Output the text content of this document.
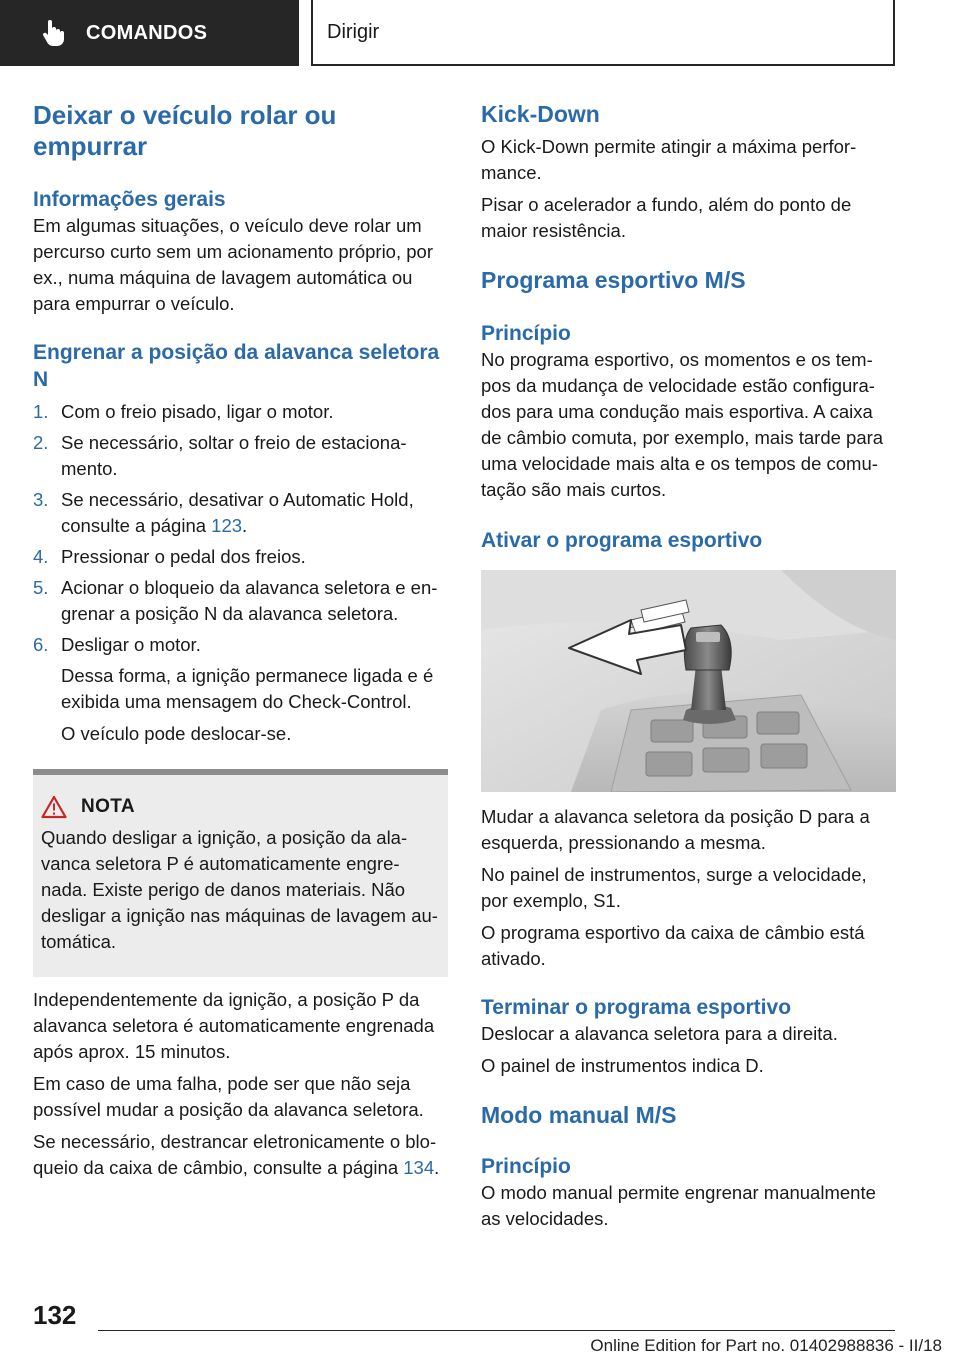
COMANDOS	Dirigir
Deixar o veículo rolar ou empurrar
Informações gerais

Em algumas situações, o veículo deve rolar um percurso curto sem um acionamento próprio, por ex., numa máquina de lavagem automática ou para empurrar o veículo.

Engrenar a posição da alavanca seletora N
1. Com o freio pisado, ligar o motor.
2. Se necessário, soltar o freio de estaciona-mento.
3. Se necessário, desativar o Automatic Hold, consulte a página 123.
4. Pressionar o pedal dos freios.
5. Acionar o bloqueio da alavanca seletora e en-grenar a posição N da alavanca seletora.
6. Desligar o motor.

Dessa forma, a ignição permanece ligada e é exibida uma mensagem do Check-Control.

O veículo pode deslocar-se.

NOTA

Quando desligar a ignição, a posição da ala-vanca seletora P é automaticamente engre-nada. Existe perigo de danos materiais. Não desligar a ignição nas máquinas de lavagem au-tomática.

Independentemente da ignição, a posição P da alavanca seletora é automaticamente engrenada após aprox. 15 minutos.

Em caso de uma falha, pode ser que não seja possível mudar a posição da alavanca seletora.

Se necessário, destrancar eletronicamente o blo-queio da caixa de câmbio, consulte a página 134.

Kick-Down

O Kick-Down permite atingir a máxima perfor-mance.

Pisar o acelerador a fundo, além do ponto de maior resistência.

Programa esportivo M/S
Princípio

No programa esportivo, os momentos e os tem-pos da mudança de velocidade estão configura-dos para uma condução mais esportiva. A caixa de câmbio comuta, por exemplo, mais tarde para uma velocidade mais alta e os tempos de comu-tação são mais curtos.

Ativar o programa esportivo

Mudar a alavanca seletora da posição D para a esquerda, pressionando a mesma.

No painel de instrumentos, surge a velocidade, por exemplo, S1.

O programa esportivo da caixa de câmbio está ativado.

Terminar o programa esportivo

Deslocar a alavanca seletora para a direita.

O painel de instrumentos indica D.

Modo manual M/S
Princípio

O modo manual permite engrenar manualmente as velocidades.

132
Online Edition for Part no. 01402988836 - II/18
